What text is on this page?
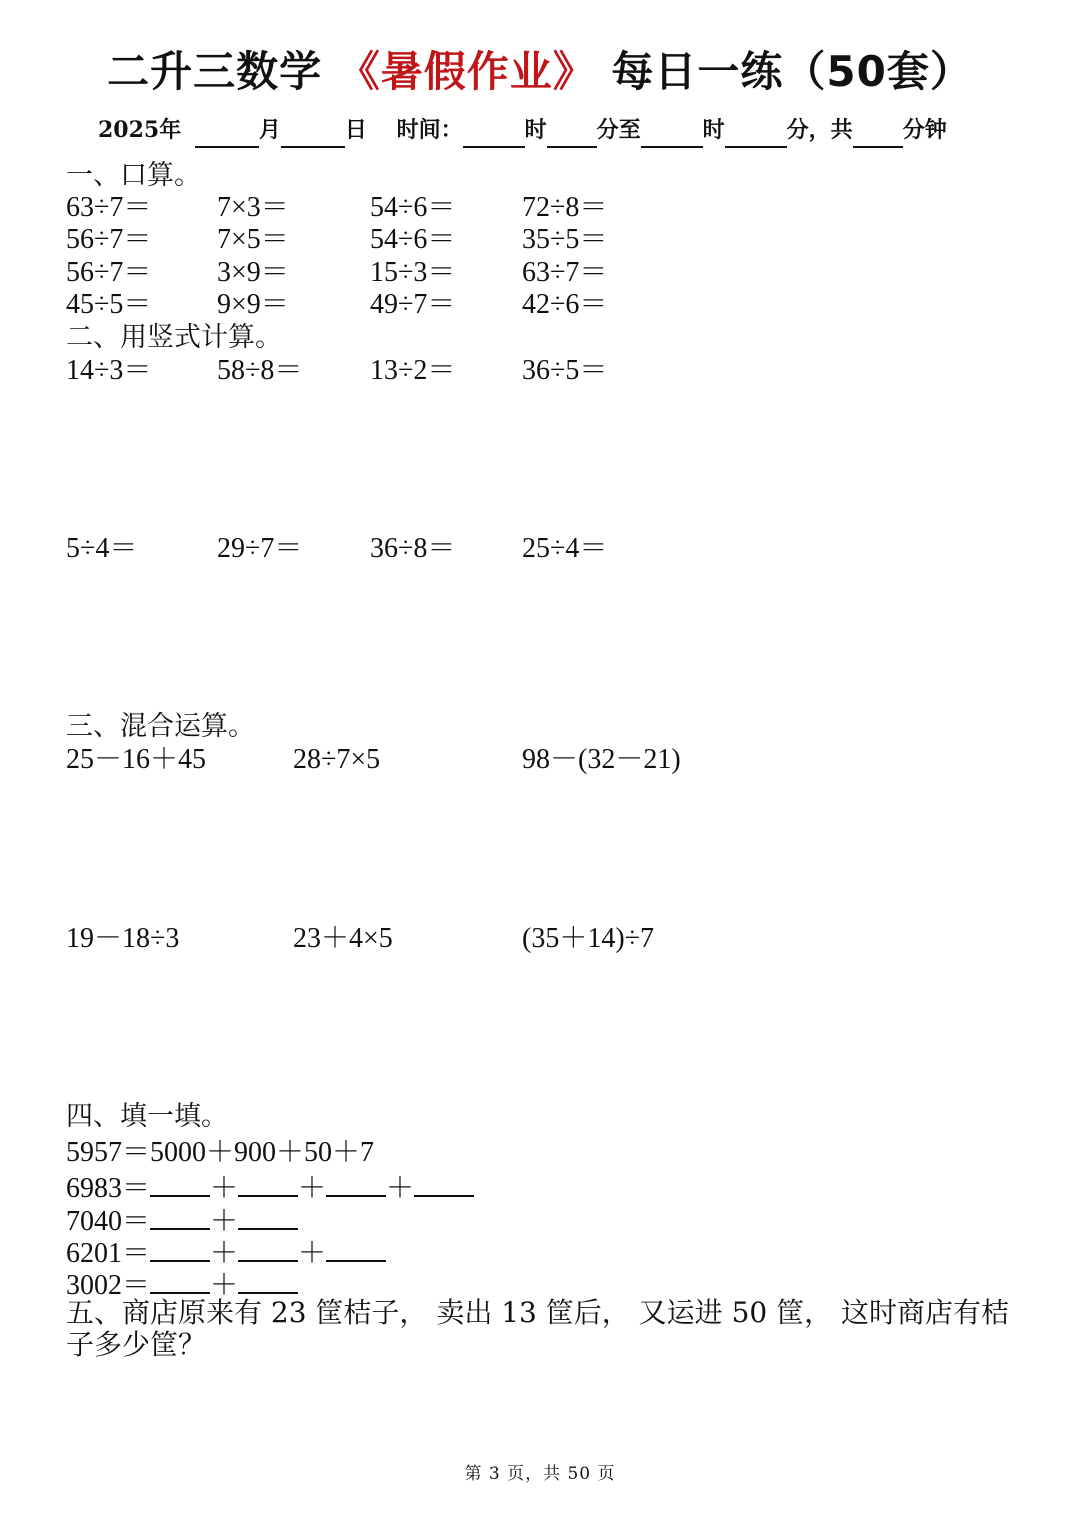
二升三数学 《暑假作业》 每日一练（50套）
2025年	月	日 时间：	时 分至	时	分，共 分钟
一、口算。
63÷7＝ 7×3＝	54÷6＝ 72÷8＝
56÷7＝ 7×5＝	54÷6＝ 35÷5＝
56÷7＝ 3×9＝	15÷3＝ 63÷7＝
45÷5＝ 9×9＝	49÷7＝ 42÷6＝
二、用竖式计算。
14÷3＝ 58÷8＝ 13÷2＝ 36÷5＝
5÷4＝	29÷7＝ 36÷8＝ 25÷4＝
三、混合运算。
25－16＋45	28÷7×5	98－(32－21)
19－18÷3	23＋4×5	(35＋14)÷7
四、填一填。
5957＝5000＋900＋50＋7
6983＝ ＋ ＋ ＋
7040＝ ＋
6201＝ ＋ ＋
3002＝ ＋
五、商店原来有 23 筐桔子， 卖出 13 筐后， 又运进 50 筐， 这时商店有桔子多少筐？
第 3 页，共 50 页
